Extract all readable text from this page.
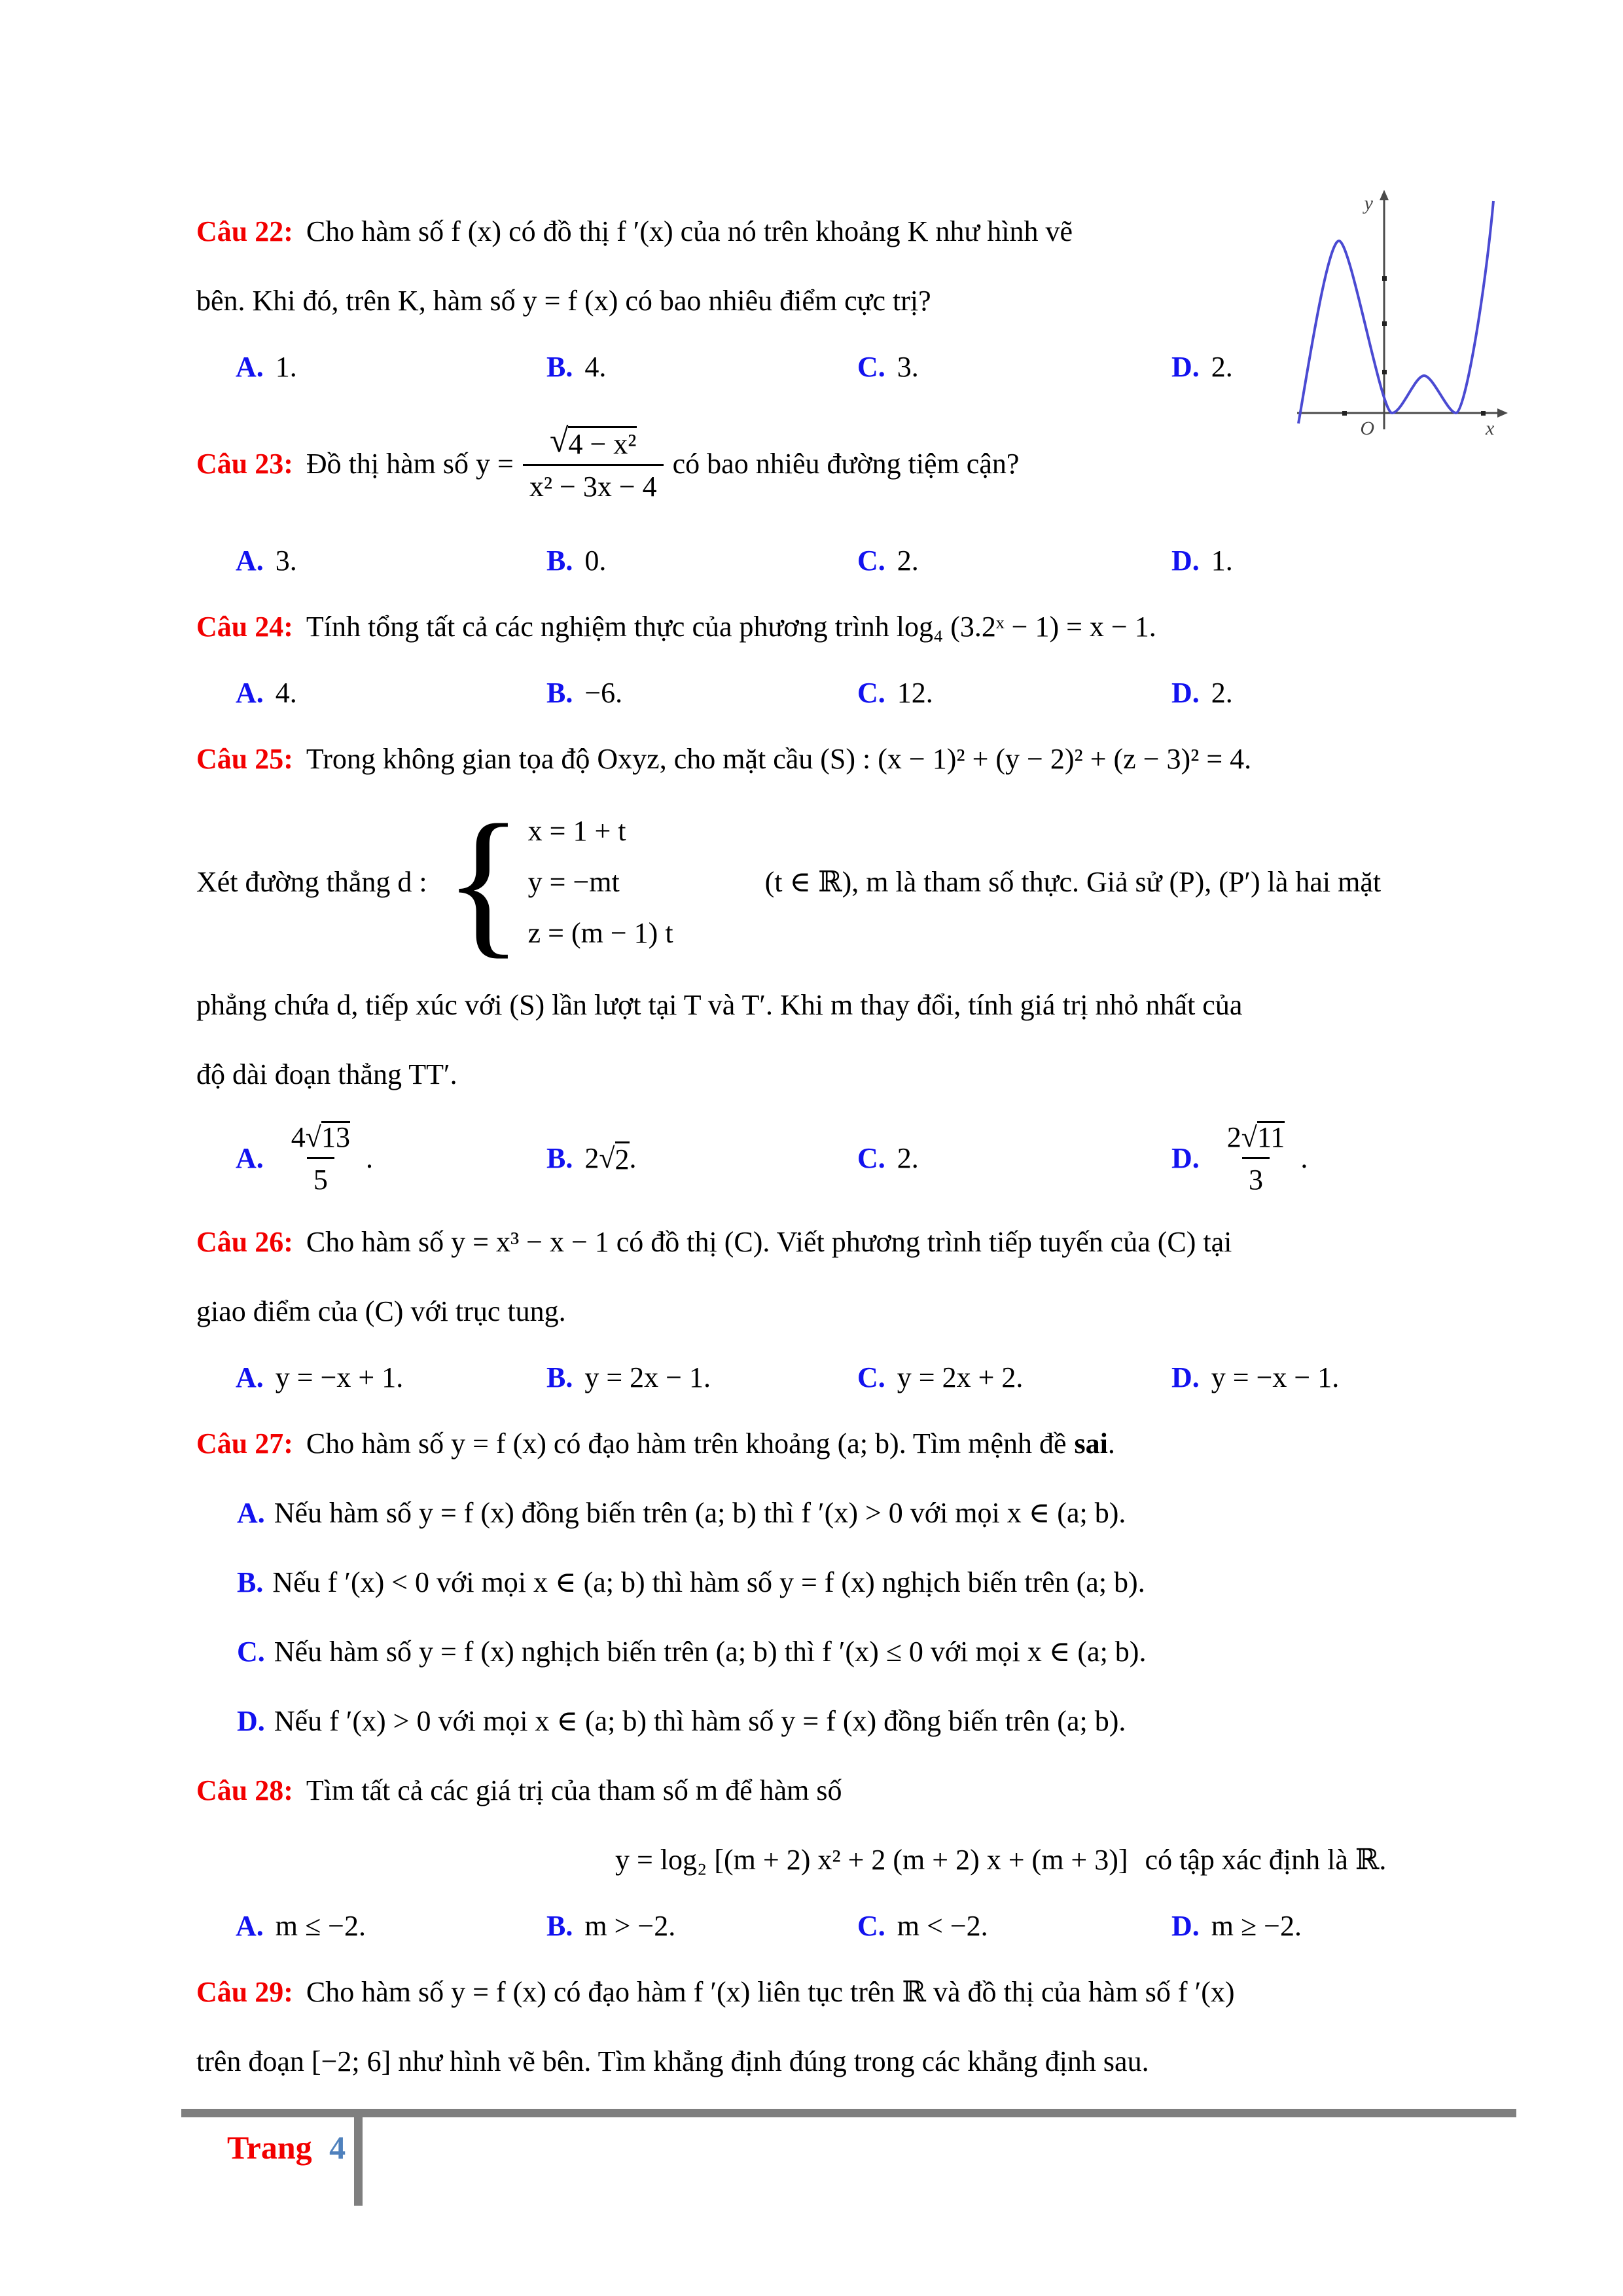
y
x
O
Câu 22: Cho hàm số f (x) có đồ thị f ′(x) của nó trên khoảng K như hình vẽ
bên. Khi đó, trên K, hàm số y = f (x) có bao nhiêu điểm cực trị?
A. 1.	B. 4.	C. 3.	D. 2.
Câu 23: Đồ thị hàm số $y = \frac{\text{√ 4 − x²}}{\text{x² − 3x − 4}}$ có bao nhiêu đường tiệm cận?
A. 3.	B. 0.	C. 2.	D. 1.
Câu 24: Tính tổng tất cả các nghiệm thực của phương trình log₄ (3.2ˣ − 1) = x − 1.
A. 4.	B. −6.	C. 12.	D. 2.
Câu 25: Trong không gian tọa độ Oxyz, cho mặt cầu (S) : (x − 1)² + (y − 2)² + (z − 3)² = 4.
Xét đường thẳng d : { x = 1 + t
y = −mt
z = (m − 1) t
(t ∈ ℝ), m là tham số thực. Giả sử (P), (P′) là hai mặt
phẳng chứa d, tiếp xúc với (S) lần lượt tại T và T′. Khi m thay đổi, tính giá trị nhỏ nhất của
độ dài đoạn thẳng TT′.
A. $\frac{4√ 13}{5}$ .	B. 2√ 2 .	C. 2.	D. $\frac{2√ 11}{3}$ .
Câu 26: Cho hàm số y = x³ − x − 1 có đồ thị (C). Viết phương trình tiếp tuyến của (C) tại
giao điểm của (C) với trục tung.
A. y = −x + 1.	B. y = 2x − 1.	C. y = 2x + 2.	D. y = −x − 1.
Câu 27: Cho hàm số y = f (x) có đạo hàm trên khoảng (a; b). Tìm mệnh đề sai .
A. Nếu hàm số y = f (x) đồng biến trên (a; b) thì f ′(x) > 0 với mọi x ∈ (a; b).
B. Nếu f ′(x) < 0 với mọi x ∈ (a; b) thì hàm số y = f (x) nghịch biến trên (a; b).
C. Nếu hàm số y = f (x) nghịch biến trên (a; b) thì f ′(x) ≤ 0 với mọi x ∈ (a; b).
D. Nếu f ′(x) > 0 với mọi x ∈ (a; b) thì hàm số y = f (x) đồng biến trên (a; b).
Câu 28: Tìm tất cả các giá trị của tham số m để hàm số
y = log₂ [(m + 2) x² + 2 (m + 2) x + (m + 3)] có tập xác định là ℝ.
A. m ≤ −2.	B. m > −2.	C. m < −2.	D. m ≥ −2.
Câu 29: Cho hàm số y = f (x) có đạo hàm f ′(x) liên tục trên ℝ và đồ thị của hàm số f ′(x)
trên đoạn [−2; 6] như hình vẽ bên. Tìm khẳng định đúng trong các khẳng định sau.
Trang 4
